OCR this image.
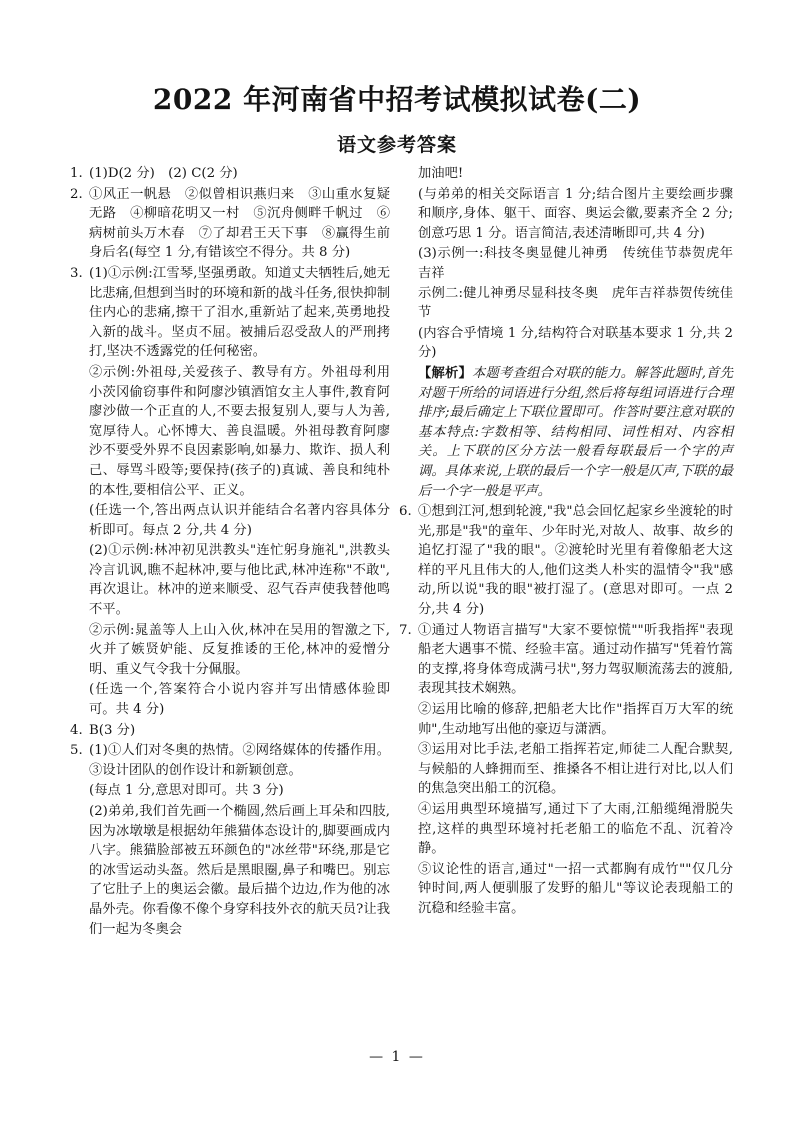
2022 年河南省中招考试模拟试卷(二)
语文参考答案
1. (1)D(2 分)　(2) C(2 分)
2. ①风正一帆悬　②似曾相识燕归来　③山重水复疑无路　④柳暗花明又一村　⑤沉舟侧畔千帆过　⑥病树前头万木春　⑦了却君王天下事　⑧赢得生前身后名(每空 1 分,有错该空不得分。共 8 分)
3. (1)①示例:江雪琴,坚强勇敢。知道丈夫牺牲后,她无比悲痛,但想到当时的环境和新的战斗任务,很快抑制住内心的悲痛,擦干了泪水,重新站了起来,英勇地投入新的战斗。坚贞不屈。被捕后忍受敌人的严刑拷打,坚决不透露党的任何秘密。
②示例:外祖母,关爱孩子、教导有方。外祖母利用小茨冈偷窃事件和阿廖沙镇酒馆女主人事件,教育阿廖沙做一个正直的人,不要去报复别人,要与人为善,宽厚待人。心怀博大、善良温暖。外祖母教育阿廖沙不要受外界不良因素影响,如暴力、欺诈、损人利己、辱骂斗殴等;要保持(孩子的)真诚、善良和纯朴的本性,要相信公平、正义。
(任选一个,答出两点认识并能结合名著内容具体分析即可。每点 2 分,共 4 分)
(2)①示例:林冲初见洪教头"连忙躬身施礼",洪教头冷言讥讽,瞧不起林冲,要与他比武,林冲连称"不敢",再次退让。林冲的逆来顺受、忍气吞声使我替他鸣不平。
②示例:晁盖等人上山入伙,林冲在吴用的智激之下,火并了嫉贤妒能、反复推诿的王伦,林冲的爱憎分明、重义气令我十分佩服。
(任选一个,答案符合小说内容并写出情感体验即可。共 4 分)
4. B(3 分)
5. (1)①人们对冬奥的热情。②网络媒体的传播作用。③设计团队的创作设计和新颖创意。
(每点 1 分,意思对即可。共 3 分)
(2)弟弟,我们首先画一个椭圆,然后画上耳朵和四肢,因为冰墩墩是根据幼年熊猫体态设计的,脚要画成内八字。熊猫脸部被五环颜色的"冰丝带"环绕,那是它的冰雪运动头盔。然后是黑眼圈,鼻子和嘴巴。别忘了它肚子上的奥运会徽。最后描个边边,作为他的冰晶外壳。你看像不像个身穿科技外衣的航天员?让我们一起为冬奥会
加油吧!
(与弟弟的相关交际语言 1 分;结合图片主要绘画步骤和顺序,身体、躯干、面容、奥运会徽,要素齐全 2 分;创意巧思 1 分。语言简洁,表述清晰即可,共 4 分)
(3)示例一:科技冬奥显健儿神勇　传统佳节恭贺虎年吉祥
示例二:健儿神勇尽显科技冬奥　虎年吉祥恭贺传统佳节
(内容合乎情境 1 分,结构符合对联基本要求 1 分,共 2 分)
【解析】本题考查组合对联的能力。解答此题时,首先对题干所给的词语进行分组,然后将每组词语进行合理排序;最后确定上下联位置即可。作答时要注意对联的基本特点:字数相等、结构相同、词性相对、内容相关。上下联的区分方法一般看每联最后一个字的声调。具体来说,上联的最后一个字一般是仄声,下联的最后一个字一般是平声。
6. ①想到江河,想到轮渡,"我"总会回忆起家乡坐渡轮的时光,那是"我"的童年、少年时光,对故人、故事、故乡的追忆打湿了"我的眼"。②渡轮时光里有着像船老大这样的平凡且伟大的人,他们这类人朴实的温情令"我"感动,所以说"我的眼"被打湿了。(意思对即可。一点 2 分,共 4 分)
7. ①通过人物语言描写"大家不要惊慌""听我指挥"表现船老大遇事不慌、经验丰富。通过动作描写"凭着竹篙的支撑,将身体弯成满弓状",努力驾驭顺流荡去的渡船,表现其技术娴熟。
②运用比喻的修辞,把船老大比作"指挥百万大军的统帅",生动地写出他的豪迈与潇洒。
③运用对比手法,老船工指挥若定,师徒二人配合默契,与候船的人蜂拥而至、推搡各不相让进行对比,以人们的焦急突出船工的沉稳。
④运用典型环境描写,通过下了大雨,江船缆绳滑脱失控,这样的典型环境衬托老船工的临危不乱、沉着冷静。
⑤议论性的语言,通过"一招一式都胸有成竹""仅几分钟时间,两人便驯服了发野的船儿"等议论表现船工的沉稳和经验丰富。
— 1 —
